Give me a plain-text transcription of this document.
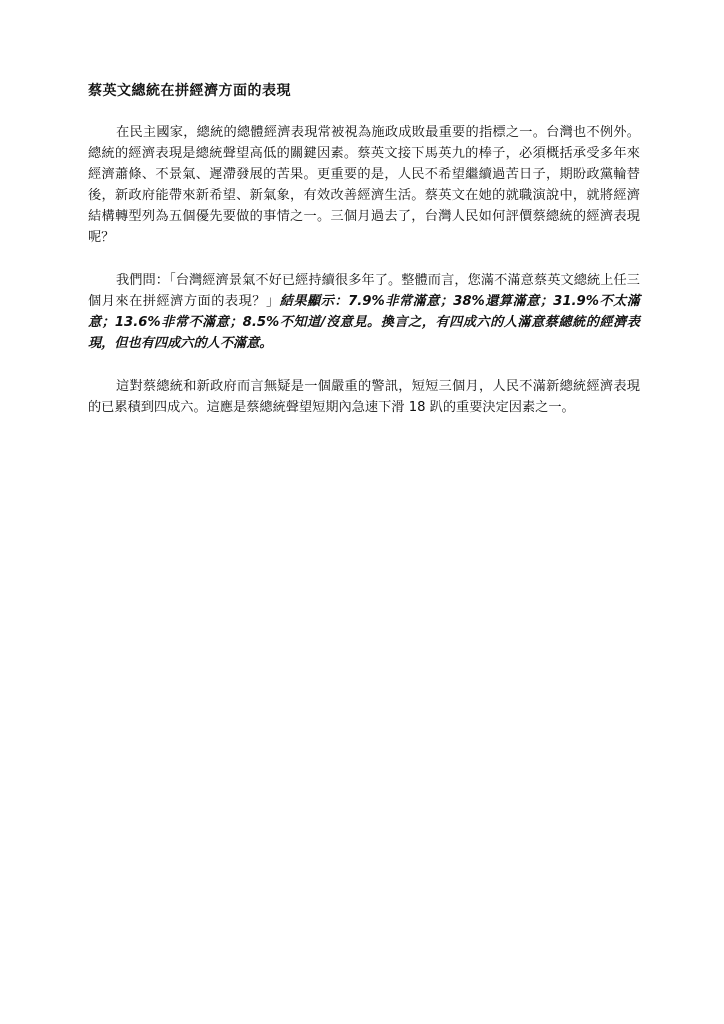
蔡英文總統在拼經濟方面的表現

在民主國家，總統的總體經濟表現常被視為施政成敗最重要的指標之一。台灣也不例外。總統的經濟表現是總統聲望高低的關鍵因素。蔡英文接下馬英九的棒子，必須概括承受多年來經濟蕭條、不景氣、遲滯發展的苦果。更重要的是，人民不希望繼續過苦日子，期盼政黨輪替後，新政府能帶來新希望、新氣象，有效改善經濟生活。蔡英文在她的就職演說中，就將經濟結構轉型列為五個優先要做的事情之一。三個月過去了，台灣人民如何評價蔡總統的經濟表現呢？

我們問：「台灣經濟景氣不好已經持續很多年了。整體而言，您滿不滿意蔡英文總統上任三個月來在拼經濟方面的表現？」結果顯示：7.9%非常滿意；38%還算滿意；31.9%不太滿意；13.6%非常不滿意；8.5%不知道/沒意見。換言之，有四成六的人滿意蔡總統的經濟表現，但也有四成六的人不滿意。

這對蔡總統和新政府而言無疑是一個嚴重的警訊，短短三個月，人民不滿新總統經濟表現的已累積到四成六。這應是蔡總統聲望短期內急速下滑 18 趴的重要決定因素之一。
